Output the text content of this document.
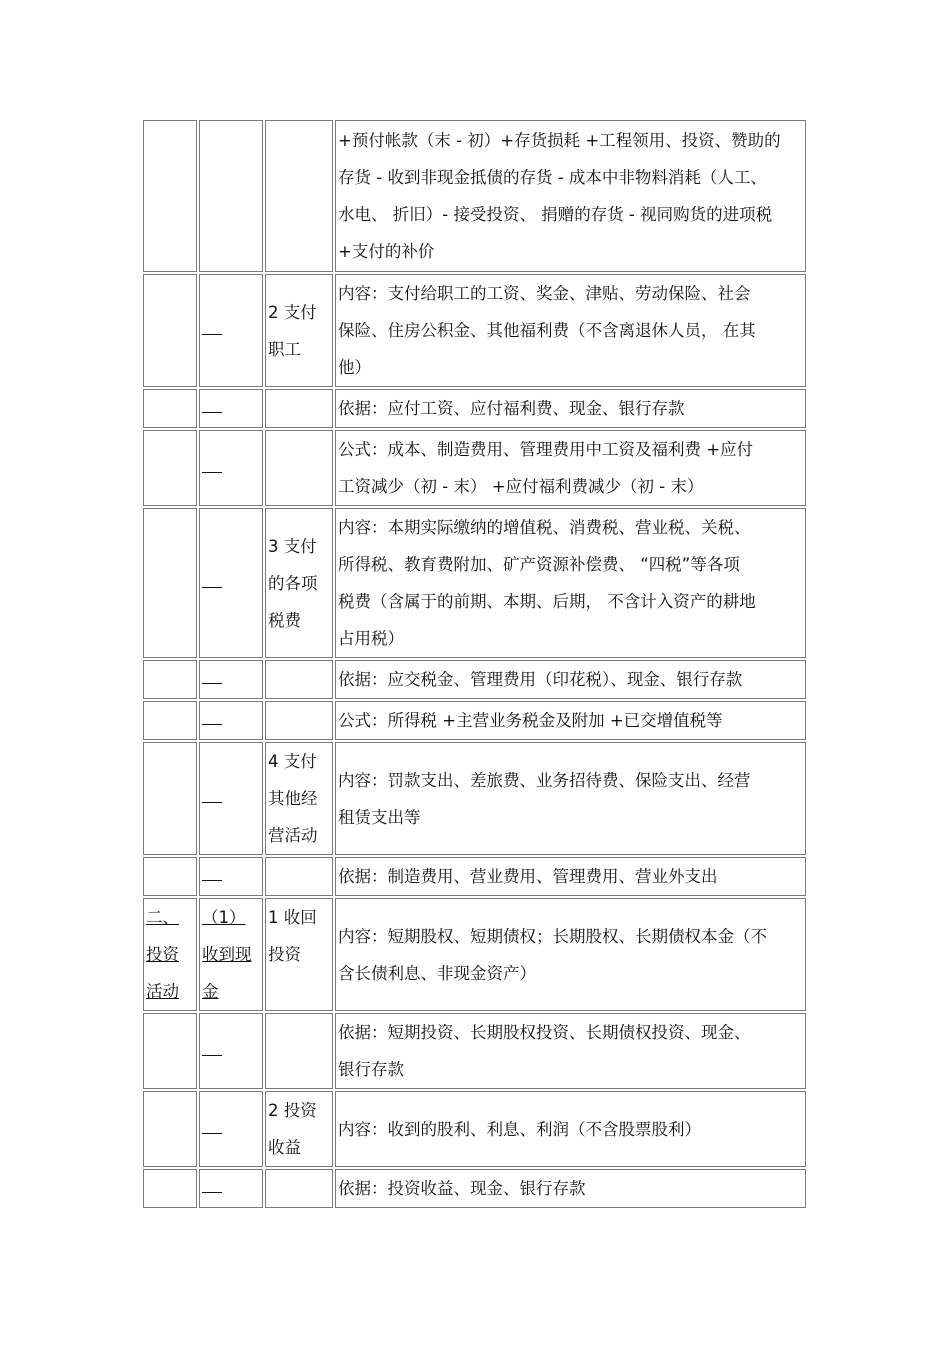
			+预付帐款（末 - 初）+存货损耗 +工程领用、投资、赞助的
存货 - 收到非现金抵债的存货 - 成本中非物料消耗（人工、
水电、 折旧）- 接受投资、 捐赠的存货 - 视同购货的进项税
+支付的补价

		2 支付职工	内容：支付给职工的工资、奖金、津贴、劳动保险、社会
保险、住房公积金、其他福利费（不含离退休人员， 在其
他）

			依据：应付工资、应付福利费、现金、银行存款

			公式：成本、制造费用、管理费用中工资及福利费 +应付
工资减少（初 - 末） +应付福利费减少（初 - 末）

		3 支付的各项税费	内容：本期实际缴纳的增值税、消费税、营业税、关税、
所得税、教育费附加、矿产资源补偿费、 “四税”等各项
税费（含属于的前期、本期、后期， 不含计入资产的耕地
占用税）

			依据：应交税金、管理费用（印花税）、现金、银行存款

			公式：所得税 +主营业务税金及附加 +已交增值税等

		4 支付其他经营活动	内容：罚款支出、差旅费、业务招待费、保险支出、经营
租赁支出等

			依据：制造费用、营业费用、管理费用、营业外支出

二、投资活动	（1）收到现金	1 收回投资	内容：短期股权、短期债权；长期股权、长期债权本金（不
含长债利息、非现金资产）

			依据：短期投资、长期股权投资、长期债权投资、现金、
银行存款

		2 投资收益	内容：收到的股利、利息、利润（不含股票股利）

			依据：投资收益、现金、银行存款
